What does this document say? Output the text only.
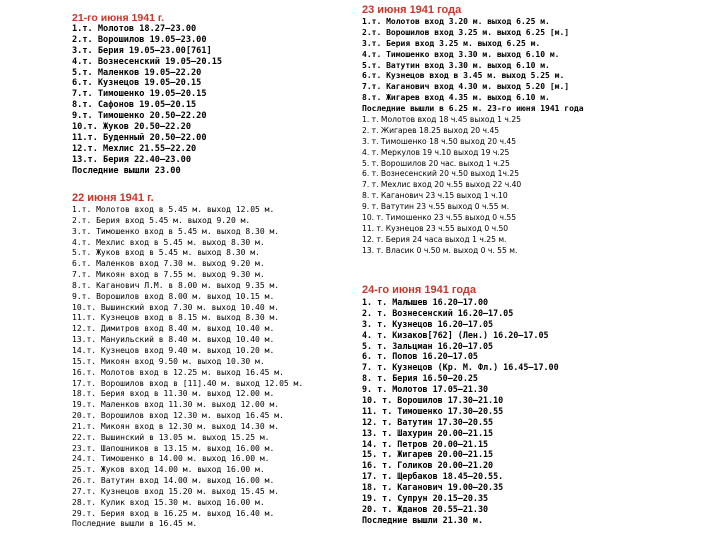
21-го июня 1941 г.
1.т. Молотов 18.27–23.00
2.т. Ворошилов 19.05–23.00
3.т. Берия 19.05–23.00[761]
4.т. Вознесенский 19.05–20.15
5.т. Маленков 19.05–22.20
6.т. Кузнецов 19.05–20.15
7.т. Тимошенко 19.05–20.15
8.т. Сафонов 19.05–20.15
9.т. Тимошенко 20.50–22.20
10.т. Жуков 20.50–22.20
11.т. Буденный 20.50–22.00
12.т. Мехлис 21.55–22.20
13.т. Берия 22.40–23.00
Последние вышли 23.00
22 июня 1941 г.
1.т. Молотов вход в 5.45 м. выход 12.05 м.
2.т. Берия вход 5.45 м. выход 9.20 м.
3.т. Тимошенко вход в 5.45 м. выход 8.30 м.
4.т. Мехлис вход в 5.45 м. выход 8.30 м.
5.т. Жуков вход в 5.45 м. выход 8.30 м.
6.т. Маленков вход 7.30 м. выход 9.20 м.
7.т. Микоян вход в 7.55 м. выход 9.30 м.
8.т. Каганович Л.М. в 8.00 м. выход 9.35 м.
9.т. Ворошилов вход 8.00 м. выход 10.15 м.
10.т. Вышинский вход 7.30 м. выход 10.40 м.
11.т. Кузнецов вход в 8.15 м. выход 8.30 м.
12.т. Димитров вход 8.40 м. выход 10.40 м.
13.т. Мануильский в 8.40 м. выход 10.40 м.
14.т. Кузнецов вход 9.40 м. выход 10.20 м.
15.т. Микоян вход 9.50 м. выход 10.30 м.
16.т. Молотов вход в 12.25 м. выход 16.45 м.
17.т. Ворошилов вход в [11].40 м. выход 12.05 м.
18.т. Берия вход в 11.30 м. выход 12.00 м.
19.т. Маленков вход 11.30 м. выход 12.00 м.
20.т. Ворошилов вход 12.30 м. выход 16.45 м.
21.т. Микоян вход в 12.30 м. выход 14.30 м.
22.т. Вышинский в 13.05 м. выход 15.25 м.
23.т. Шапошников в 13.15 м. выход 16.00 м.
24.т. Тимошенко в 14.00 м. выход 16.00 м.
25.т. Жуков вход 14.00 м. выход 16.00 м.
26.т. Ватутин вход 14.00 м. выход 16.00 м.
27.т. Кузнецов вход 15.20 м. выход 15.45 м.
28.т. Кулик вход 15.30 м. выход 16.00 м.
29.т. Берия вход в 16.25 м. выход 16.40 м.
Последние вышли в 16.45 м.
23 июня 1941 года
1.т. Молотов вход 3.20 м. выход 6.25 м.
2.т. Ворошилов вход 3.25 м. выход 6.25 [м.]
3.т. Берия вход 3.25 м. выход 6.25 м.
4.т. Тимошенко вход 3.30 м. выход 6.10 м.
5.т. Ватутин вход 3.30 м. выход 6.10 м.
6.т. Кузнецов вход в 3.45 м. выход 5.25 м.
7.т. Каганович вход 4.30 м. выход 5.20 [м.]
8.т. Жигарев вход 4.35 м. выход 6.10 м.
Последние вышли в 6.25 м. 23-го июня 1941 года
1. т. Молотов вход 18 ч.45 выход 1 ч.25
2. т. Жигарев 18.25 выход 20 ч.45
3. т. Тимошенко 18 ч.50 выход 20 ч.45
4. т. Меркулов 19 ч.10 выход 19 ч.25
5. т. Ворошилов 20 час. выход 1 ч.25
6. т. Вознесенский 20 ч.50 выход 1ч.25
7. т. Мехлис вход 20 ч.55 выход 22 ч.40
8. т. Каганович 23 ч.15 выход 1 ч.10
9. т. Ватутин 23 ч.55 выход 0 ч.55 м.
10. т. Тимошенко 23 ч.55 выход 0 ч.55
11. т. Кузнецов 23 ч.55 выход 0 ч.50
12. т. Берия 24 часа выход 1 ч.25 м.
13. т. Власик 0 ч.50 м. выход 0 ч. 55 м.
24-го июня 1941 года
1. т. Малышев 16.20–17.00
2. т. Вознесенский 16.20–17.05
3. т. Кузнецов 16.20–17.05
4. т. Кизаков[762] (Лен.) 16.20–17.05
5. т. Зальцман 16.20–17.05
6. т. Попов 16.20–17.05
7. т. Кузнецов (Кр. М. Фл.) 16.45–17.00
8. т. Берия 16.50–20.25
9. т. Молотов 17.05–21.30
10. т. Ворошилов 17.30–21.10
11. т. Тимошенко 17.30–20.55
12. т. Ватутин 17.30–20.55
13. т. Шахурин 20.00–21.15
14. т. Петров 20.00–21.15
15. т. Жигарев 20.00–21.15
16. т. Голиков 20.00–21.20
17. т. Щербаков 18.45–20.55.
18. т. Каганович 19.00–20.35
19. т. Супрун 20.15–20.35
20. т. Жданов 20.55–21.30
Последние вышли 21.30 м.
